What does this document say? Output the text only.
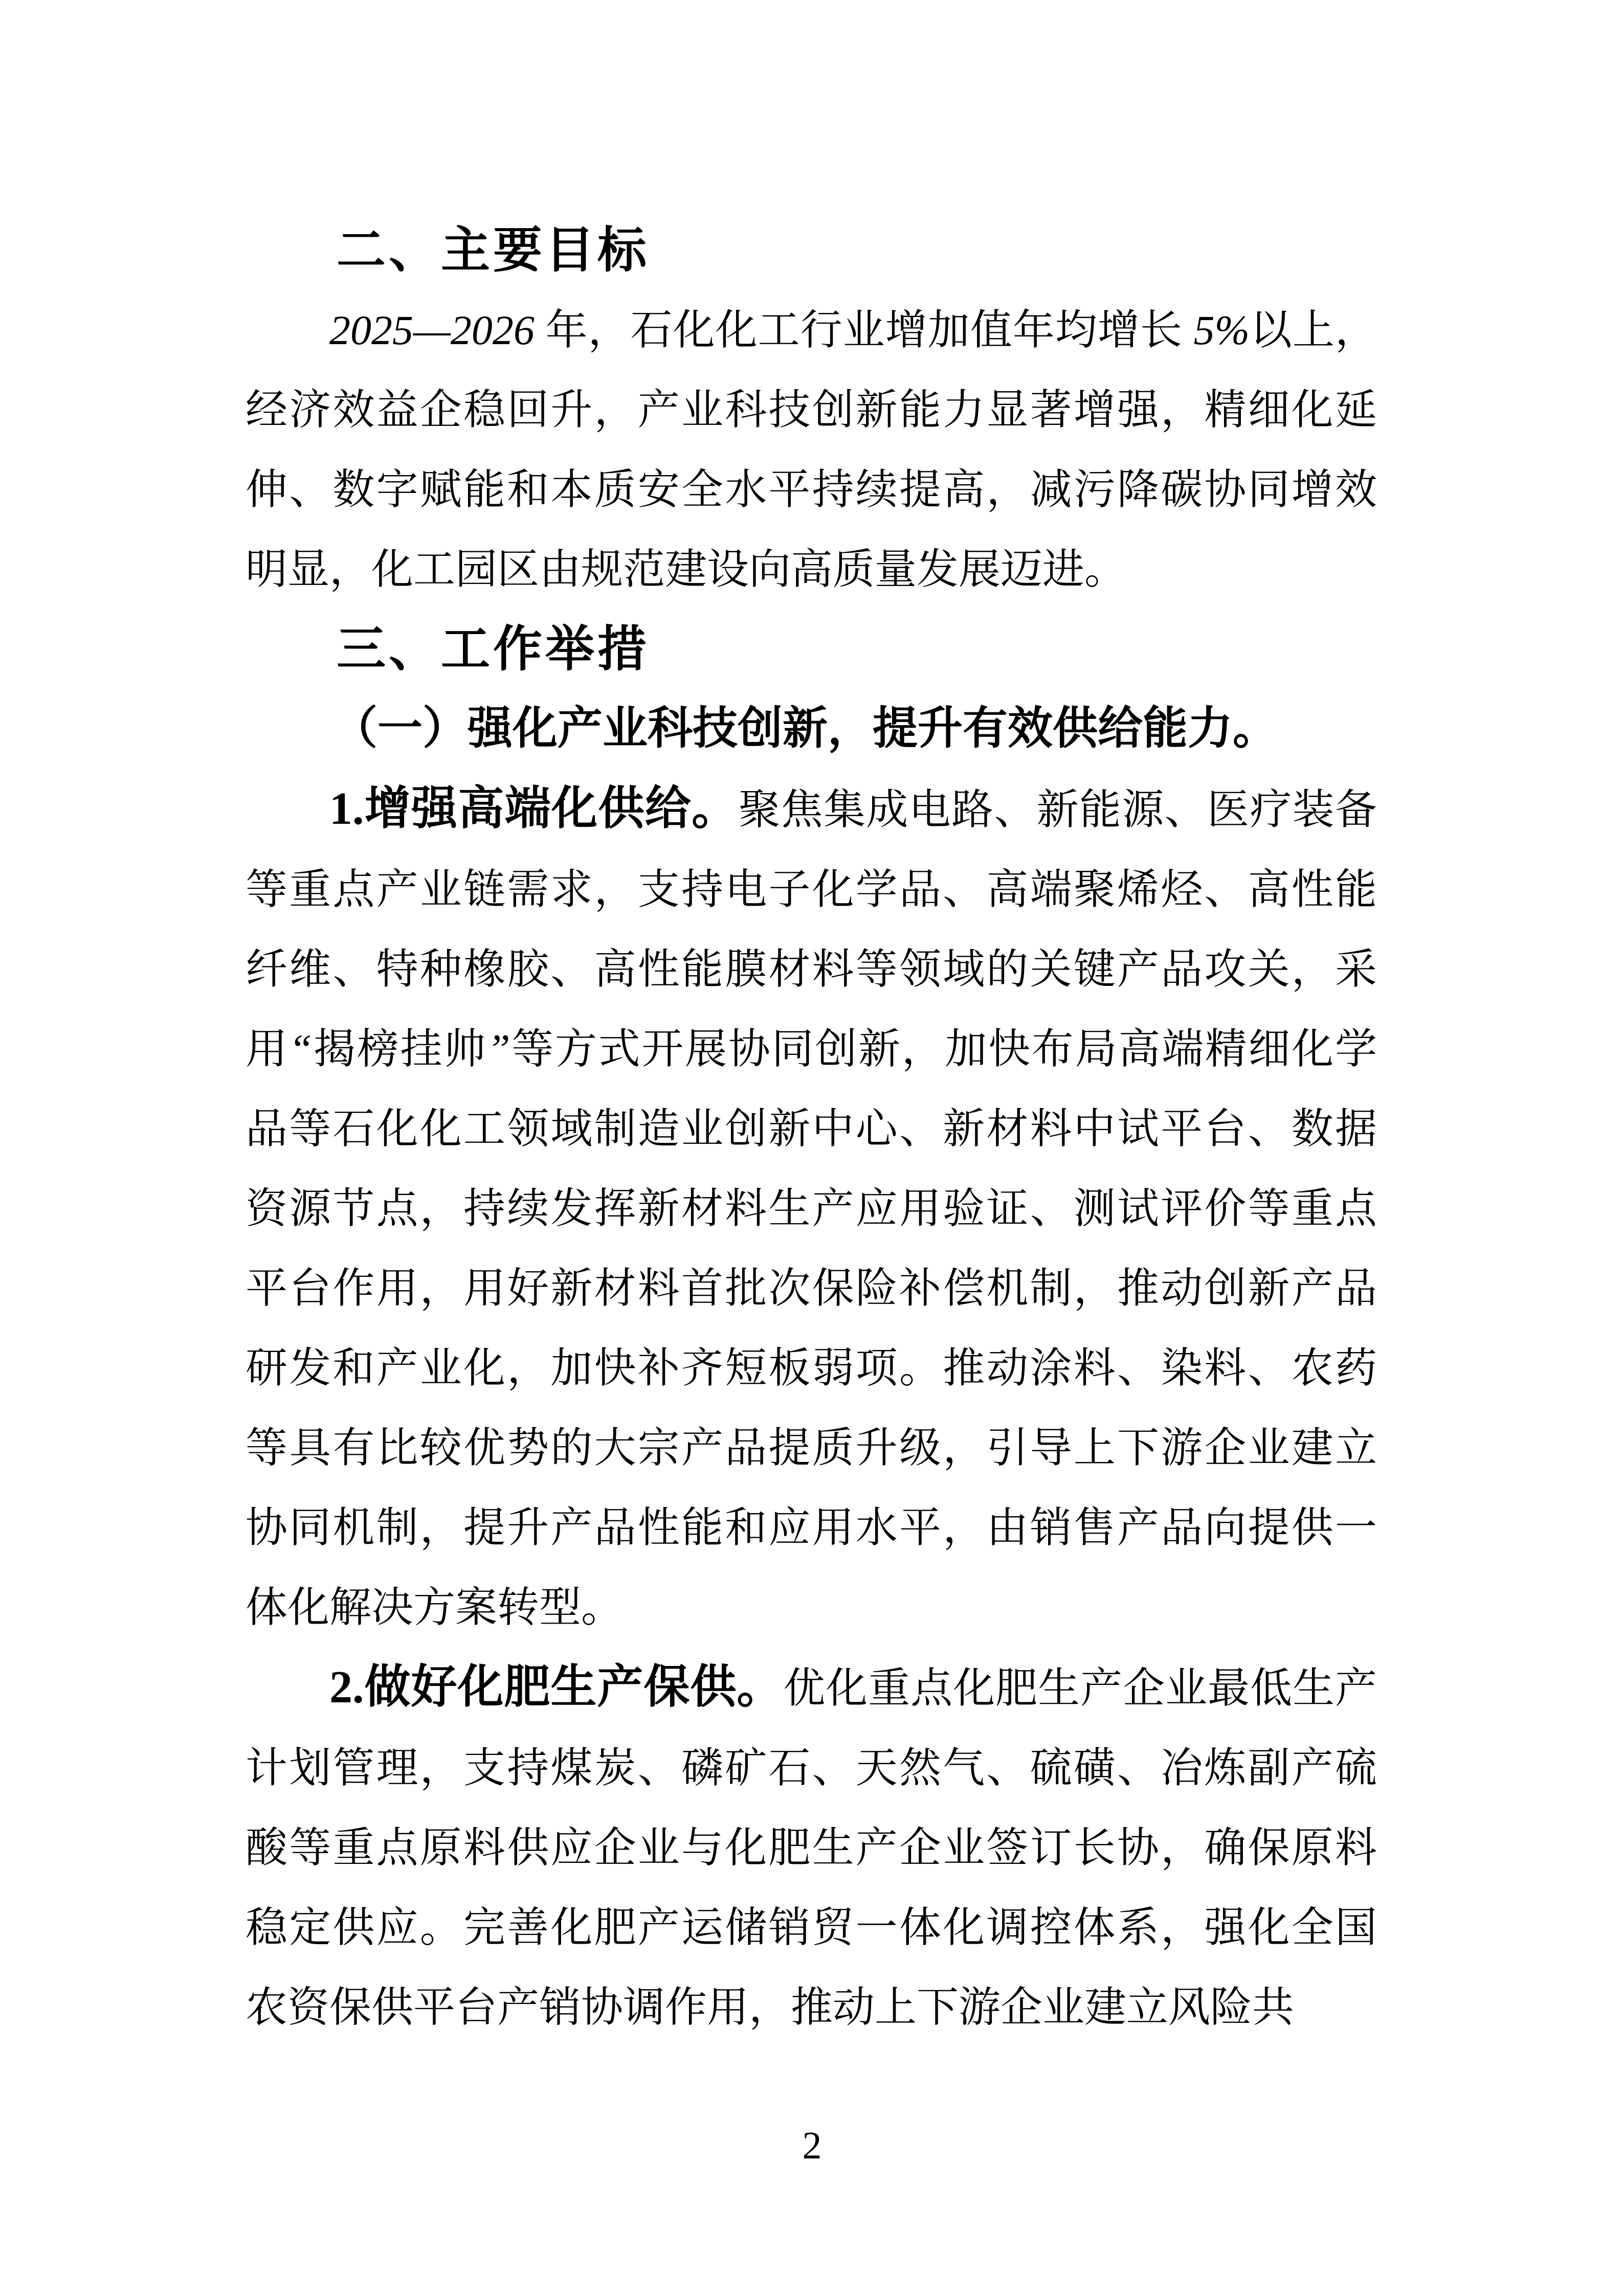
二、主要目标

2025—2026 年，石化化工行业增加值年均增长 5%以上，经济效益企稳回升，产业科技创新能力显著增强，精细化延伸、数字赋能和本质安全水平持续提高，减污降碳协同增效明显，化工园区由规范建设向高质量发展迈进。

三、工作举措
（一）强化产业科技创新，提升有效供给能力。

1.增强高端化供给。聚焦集成电路、新能源、医疗装备等重点产业链需求，支持电子化学品、高端聚烯烃、高性能纤维、特种橡胶、高性能膜材料等领域的关键产品攻关，采用“揭榜挂帅”等方式开展协同创新，加快布局高端精细化学品等石化化工领域制造业创新中心、新材料中试平台、数据资源节点，持续发挥新材料生产应用验证、测试评价等重点平台作用，用好新材料首批次保险补偿机制，推动创新产品研发和产业化，加快补齐短板弱项。推动涂料、染料、农药等具有比较优势的大宗产品提质升级，引导上下游企业建立协同机制，提升产品性能和应用水平，由销售产品向提供一体化解决方案转型。

2.做好化肥生产保供。优化重点化肥生产企业最低生产计划管理，支持煤炭、磷矿石、天然气、硫磺、冶炼副产硫酸等重点原料供应企业与化肥生产企业签订长协，确保原料稳定供应。完善化肥产运储销贸一体化调控体系，强化全国农资保供平台产销协调作用，推动上下游企业建立风险共

2
